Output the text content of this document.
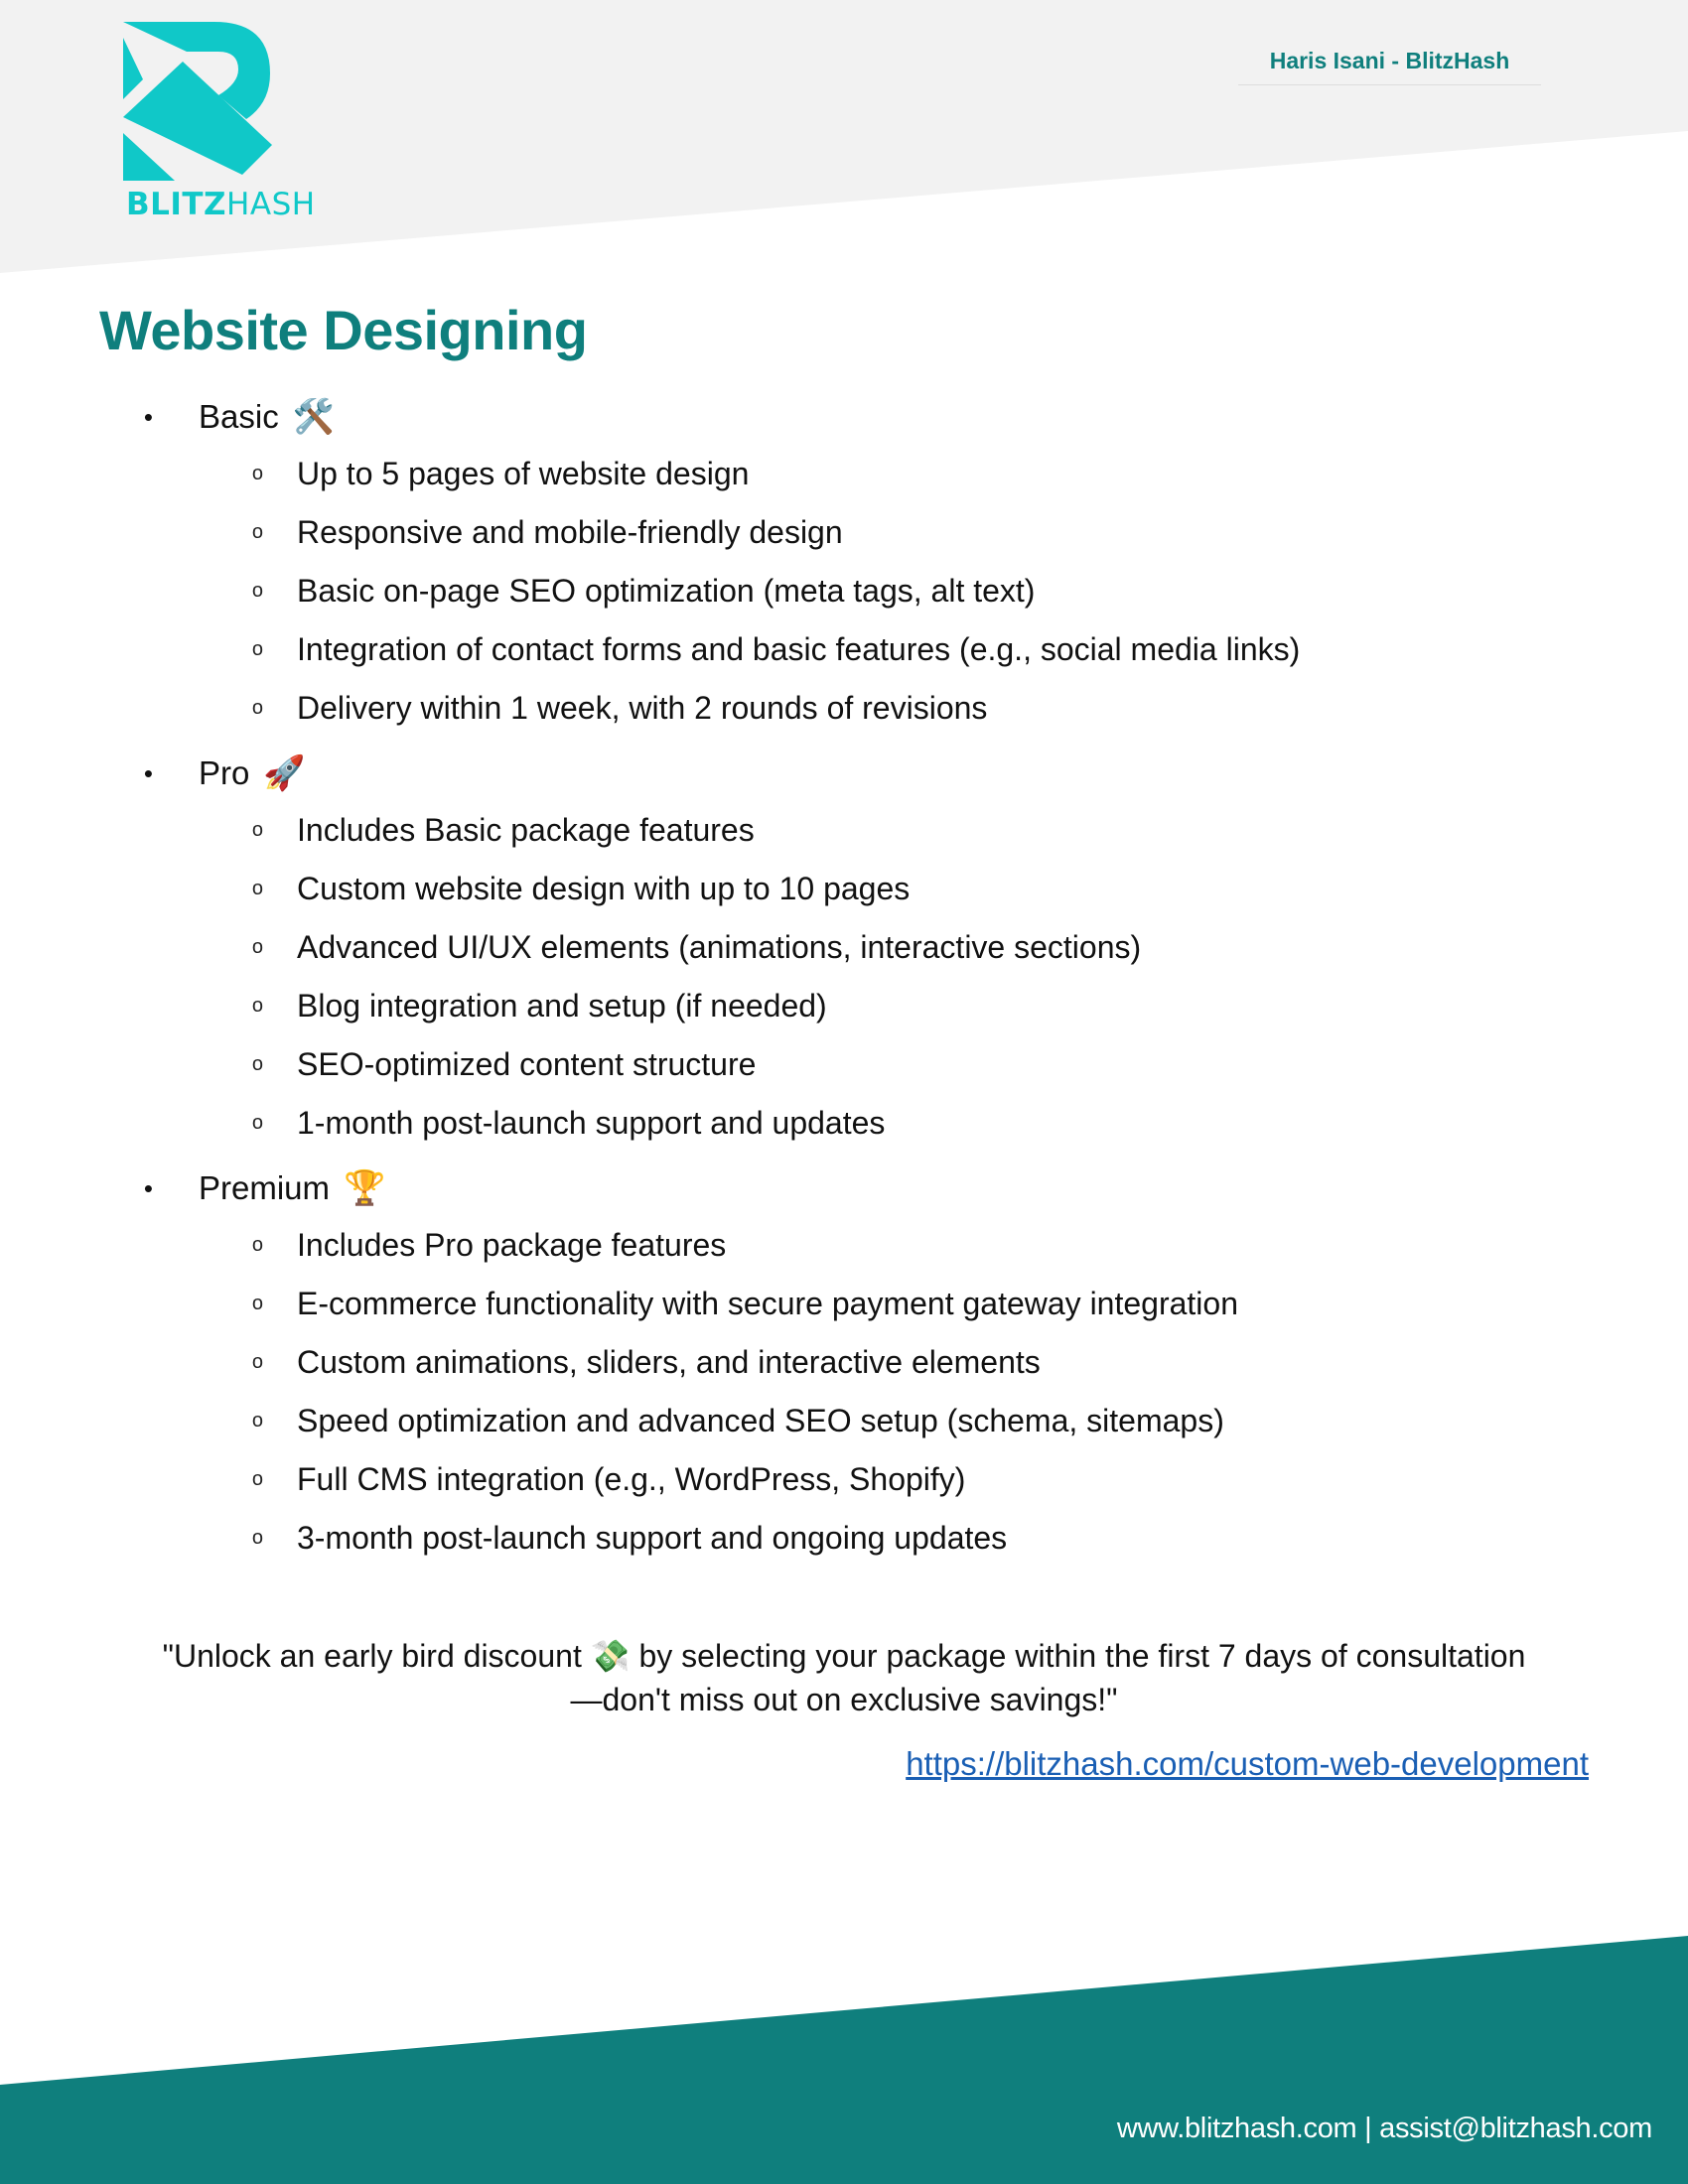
BLITZHASH
Haris Isani - BlitzHash
Website Designing
•	Basic 🛠️
o	Up to 5 pages of website design
o	Responsive and mobile-friendly design
o	Basic on-page SEO optimization (meta tags, alt text)
o	Integration of contact forms and basic features (e.g., social media links)
o	Delivery within 1 week, with 2 rounds of revisions
•	Pro 🚀
o	Includes Basic package features
o	Custom website design with up to 10 pages
o	Advanced UI/UX elements (animations, interactive sections)
o	Blog integration and setup (if needed)
o	SEO-optimized content structure
o	1-month post-launch support and updates
•	Premium 🏆
o	Includes Pro package features
o	E-commerce functionality with secure payment gateway integration
o	Custom animations, sliders, and interactive elements
o	Speed optimization and advanced SEO setup (schema, sitemaps)
o	Full CMS integration (e.g., WordPress, Shopify)
o	3-month post-launch support and ongoing updates
"Unlock an early bird discount 💸 by selecting your package within the first 7 days of consultation—don't miss out on exclusive savings!"
https://blitzhash.com/custom-web-development
www.blitzhash.com | assist@blitzhash.com
